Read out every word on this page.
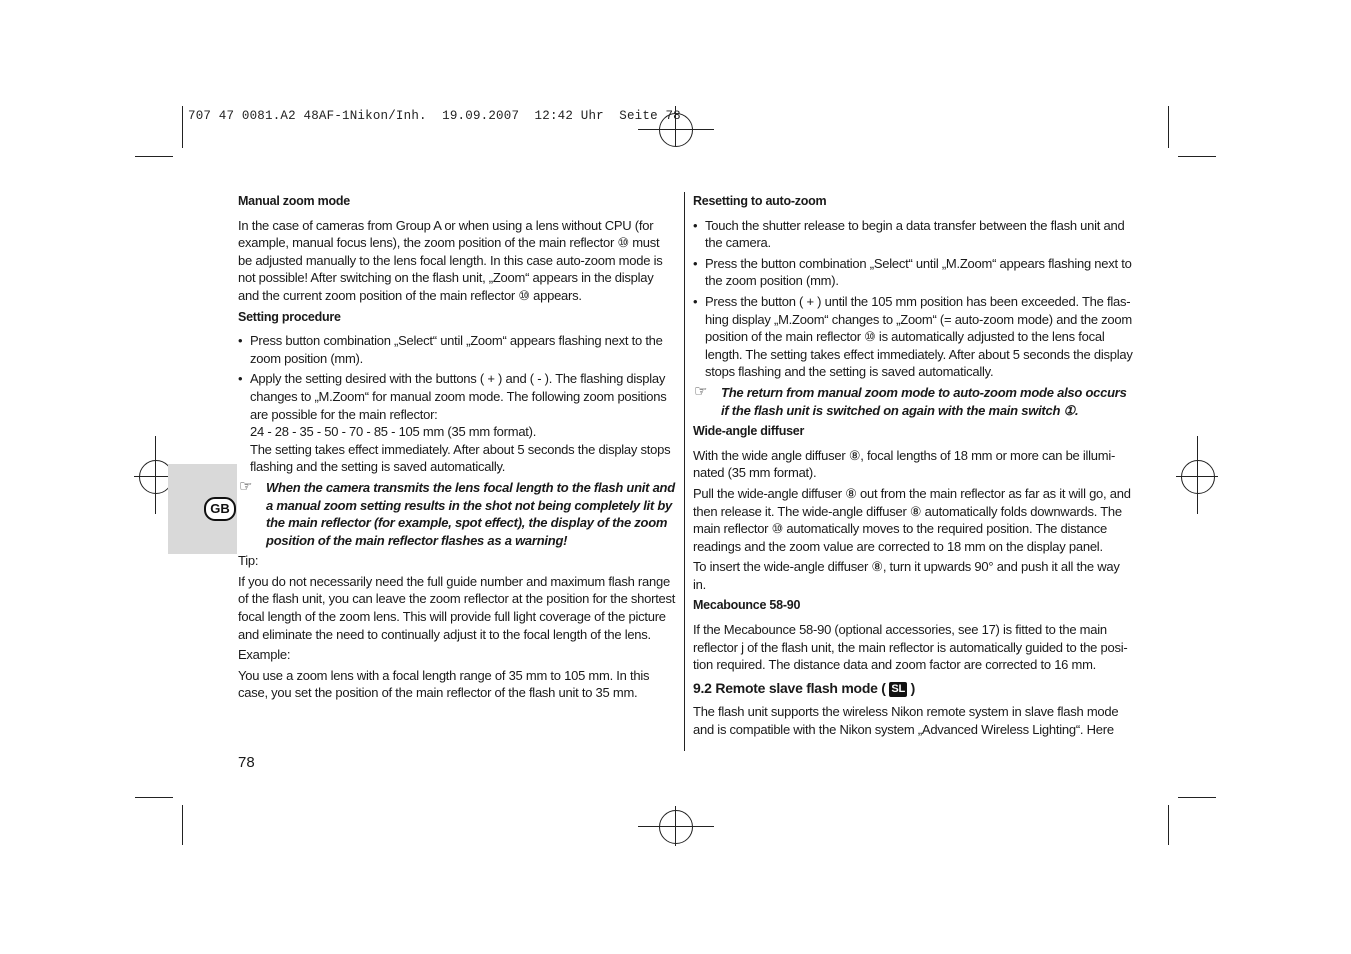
707 47 0081.A2 48AF-1Nikon/Inh.  19.09.2007  12:42 Uhr  Seite 78
GB
Manual zoom mode

In the case of cameras from Group A or when using a lens without CPU (for example, manual focus lens), the zoom position of the main reflector ⑩ must be adjusted manually to the lens focal length. In this case auto-zoom mode is not possible! After switching on the flash unit, „Zoom“ appears in the display and the current zoom position of the main reflector ⑩ appears.

Setting procedure
• Press button combination „Select“ until „Zoom“ appears flashing next to the zoom position (mm).
• Apply the setting desired with the buttons ( + ) and ( - ). The flashing display changes to „M.Zoom“ for manual zoom mode. The following zoom positions are possible for the main reflector:
24 - 28 - 35 - 50 - 70 - 85 - 105 mm (35 mm format).
The setting takes effect immediately. After about 5 seconds the display stops flashing and the setting is saved automatically.
☞ When the camera transmits the lens focal length to the flash unit and a manual zoom setting results in the shot not being completely lit by the main reflector (for example, spot effect), the display of the zoom position of the main reflector flashes as a warning!

Tip:

If you do not necessarily need the full guide number and maximum flash range of the flash unit, you can leave the zoom reflector at the position for the shortest focal length of the zoom lens. This will provide full light coverage of the picture and eliminate the need to continually adjust it to the focal length of the lens.

Example:

You use a zoom lens with a focal length range of 35 mm to 105 mm. In this case, you set the position of the main reflector of the flash unit to 35 mm.

Resetting to auto-zoom
• Touch the shutter release to begin a data transfer between the flash unit and the camera.
• Press the button combination „Select“ until „M.Zoom“ appears flashing next to the zoom position (mm).
• Press the button ( + ) until the 105 mm position has been exceeded. The flas-hing display „M.Zoom“ changes to „Zoom“ (= auto-zoom mode) and the zoom position of the main reflector ⑩ is automatically adjusted to the lens focal length. The setting takes effect immediately. After about 5 seconds the display stops flashing and the setting is saved automatically.
☞ The return from manual zoom mode to auto-zoom mode also occurs if the flash unit is switched on again with the main switch ①.
Wide-angle diffuser

With the wide angle diffuser ⑧, focal lengths of 18 mm or more can be illumi-nated (35 mm format).

Pull the wide-angle diffuser ⑧ out from the main reflector as far as it will go, and then release it. The wide-angle diffuser ⑧ automatically folds downwards. The main reflector ⑩ automatically moves to the required position. The distance readings and the zoom value are corrected to 18 mm on the display panel.

To insert the wide-angle diffuser ⑧, turn it upwards 90° and push it all the way in.

Mecabounce 58-90

If the Mecabounce 58-90 (optional accessories, see 17) is fitted to the main reflector j of the flash unit, the main reflector is automatically guided to the posi-tion required. The distance data and zoom factor are corrected to 16 mm.

9.2 Remote slave flash mode ( SL )

The flash unit supports the wireless Nikon remote system in slave flash mode and is compatible with the Nikon system „Advanced Wireless Lighting“. Here

78
